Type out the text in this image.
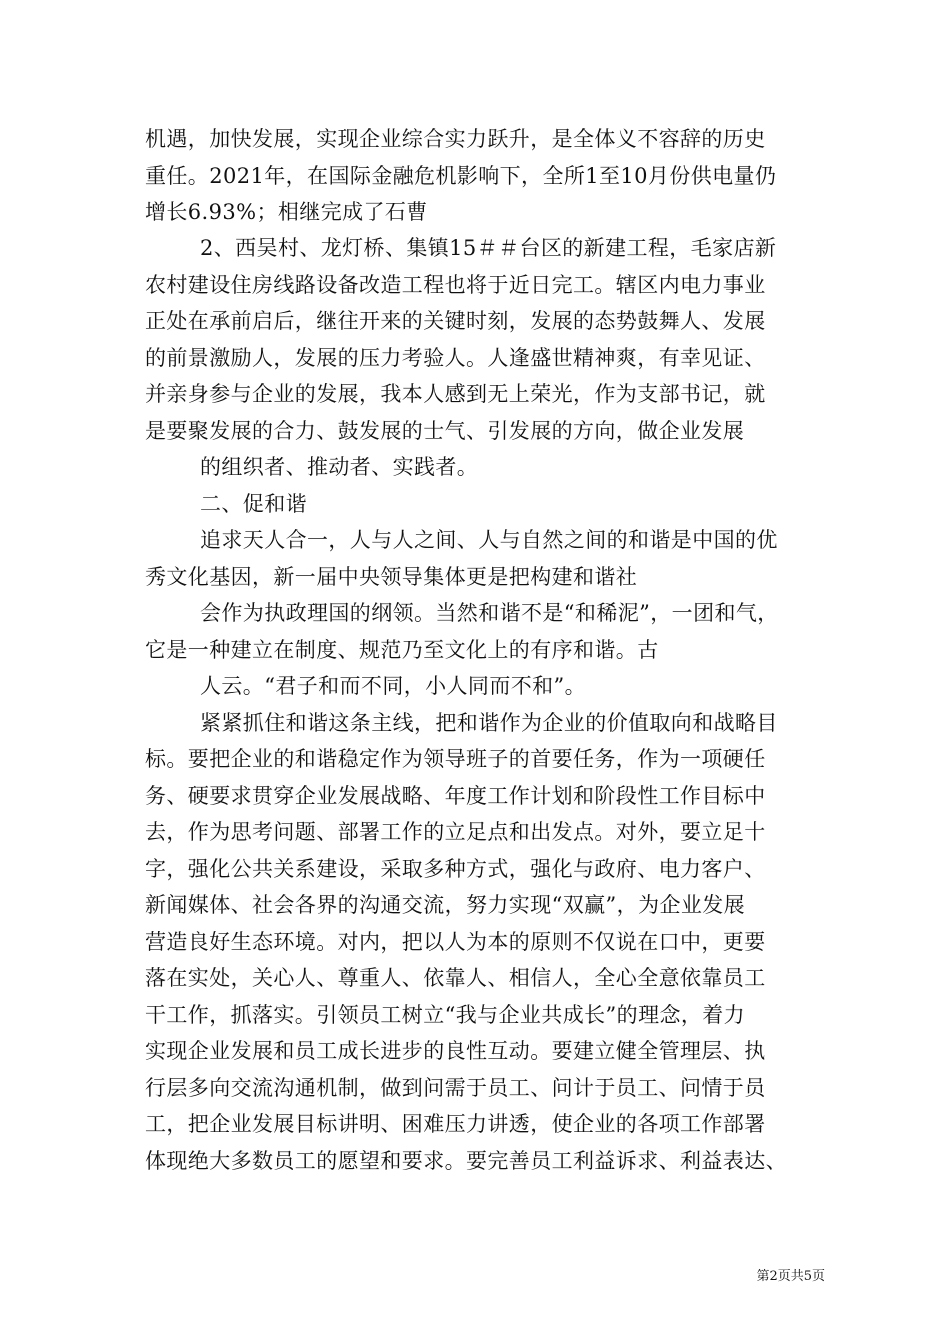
机遇，加快发展，实现企业综合实力跃升，是全体义不容辞的历史
重任。2021年，在国际金融危机影响下，全所1至10月份供电量仍
增长6.93%；相继完成了石曹
2、西吴村、龙灯桥、集镇15＃＃台区的新建工程，毛家店新
农村建设住房线路设备改造工程也将于近日完工。辖区内电力事业
正处在承前启后，继往开来的关键时刻，发展的态势鼓舞人、发展
的前景激励人，发展的压力考验人。人逢盛世精神爽，有幸见证、
并亲身参与企业的发展，我本人感到无上荣光，作为支部书记，就
是要聚发展的合力、鼓发展的士气、引发展的方向，做企业发展
的组织者、推动者、实践者。
二、促和谐
追求天人合一，人与人之间、人与自然之间的和谐是中国的优
秀文化基因，新一届中央领导集体更是把构建和谐社
会作为执政理国的纲领。当然和谐不是“和稀泥”，一团和气，
它是一种建立在制度、规范乃至文化上的有序和谐。古
人云。“君子和而不同，小人同而不和”。
紧紧抓住和谐这条主线，把和谐作为企业的价值取向和战略目
标。要把企业的和谐稳定作为领导班子的首要任务，作为一项硬任
务、硬要求贯穿企业发展战略、年度工作计划和阶段性工作目标中
去，作为思考问题、部署工作的立足点和出发点。对外，要立足十
字，强化公共关系建设，采取多种方式，强化与政府、电力客户、
新闻媒体、社会各界的沟通交流，努力实现“双赢”，为企业发展
营造良好生态环境。对内，把以人为本的原则不仅说在口中，更要
落在实处，关心人、尊重人、依靠人、相信人，全心全意依靠员工
干工作，抓落实。引领员工树立“我与企业共成长”的理念，着力
实现企业发展和员工成长进步的良性互动。要建立健全管理层、执
行层多向交流沟通机制，做到问需于员工、问计于员工、问情于员
工，把企业发展目标讲明、困难压力讲透，使企业的各项工作部署
体现绝大多数员工的愿望和要求。要完善员工利益诉求、利益表达、
第2页共5页
